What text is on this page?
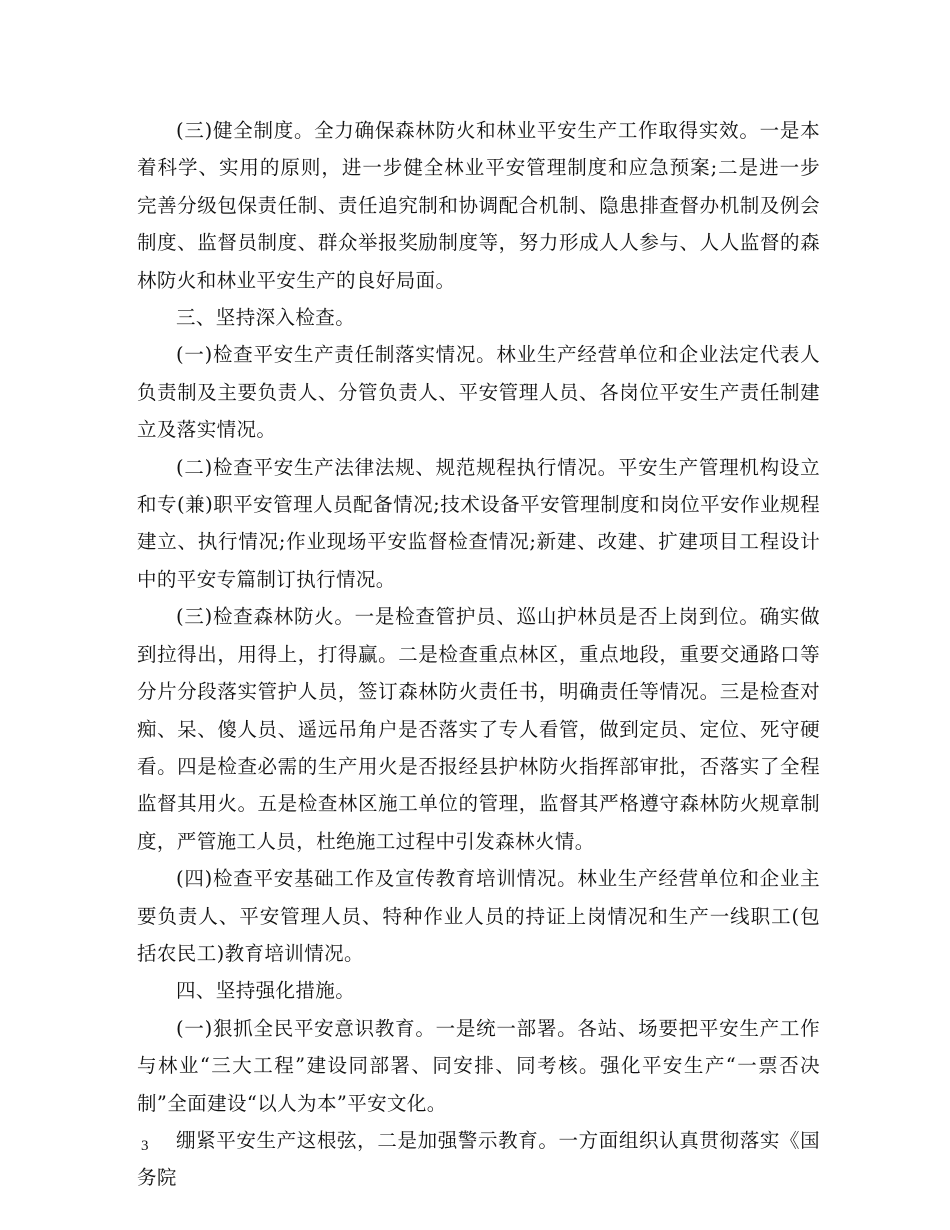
(三)健全制度。全力确保森林防火和林业平安生产工作取得实效。一是本着科学、实用的原则，进一步健全林业平安管理制度和应急预案;二是进一步完善分级包保责任制、责任追究制和协调配合机制、隐患排查督办机制及例会制度、监督员制度、群众举报奖励制度等，努力形成人人参与、人人监督的森林防火和林业平安生产的良好局面。

三、坚持深入检查。

(一)检查平安生产责任制落实情况。林业生产经营单位和企业法定代表人负责制及主要负责人、分管负责人、平安管理人员、各岗位平安生产责任制建立及落实情况。

(二)检查平安生产法律法规、规范规程执行情况。平安生产管理机构设立和专(兼)职平安管理人员配备情况;技术设备平安管理制度和岗位平安作业规程建立、执行情况;作业现场平安监督检查情况;新建、改建、扩建项目工程设计中的平安专篇制订执行情况。

(三)检查森林防火。一是检查管护员、巡山护林员是否上岗到位。确实做到拉得出，用得上，打得赢。二是检查重点林区，重点地段，重要交通路口等分片分段落实管护人员，签订森林防火责任书，明确责任等情况。三是检查对痴、呆、傻人员、遥远吊角户是否落实了专人看管，做到定员、定位、死守硬看。四是检查必需的生产用火是否报经县护林防火指挥部审批，否落实了全程监督其用火。五是检查林区施工单位的管理，监督其严格遵守森林防火规章制度，严管施工人员，杜绝施工过程中引发森林火情。

(四)检查平安基础工作及宣传教育培训情况。林业生产经营单位和企业主要负责人、平安管理人员、特种作业人员的持证上岗情况和生产一线职工(包括农民工)教育培训情况。

四、坚持强化措施。

(一)狠抓全民平安意识教育。一是统一部署。各站、场要把平安生产工作与林业“三大工程”建设同部署、同安排、同考核。强化平安生产“一票否决制”全面建设“以人为本”平安文化。

绷紧平安生产这根弦，二是加强警示教育。一方面组织认真贯彻落实《国务院

3
